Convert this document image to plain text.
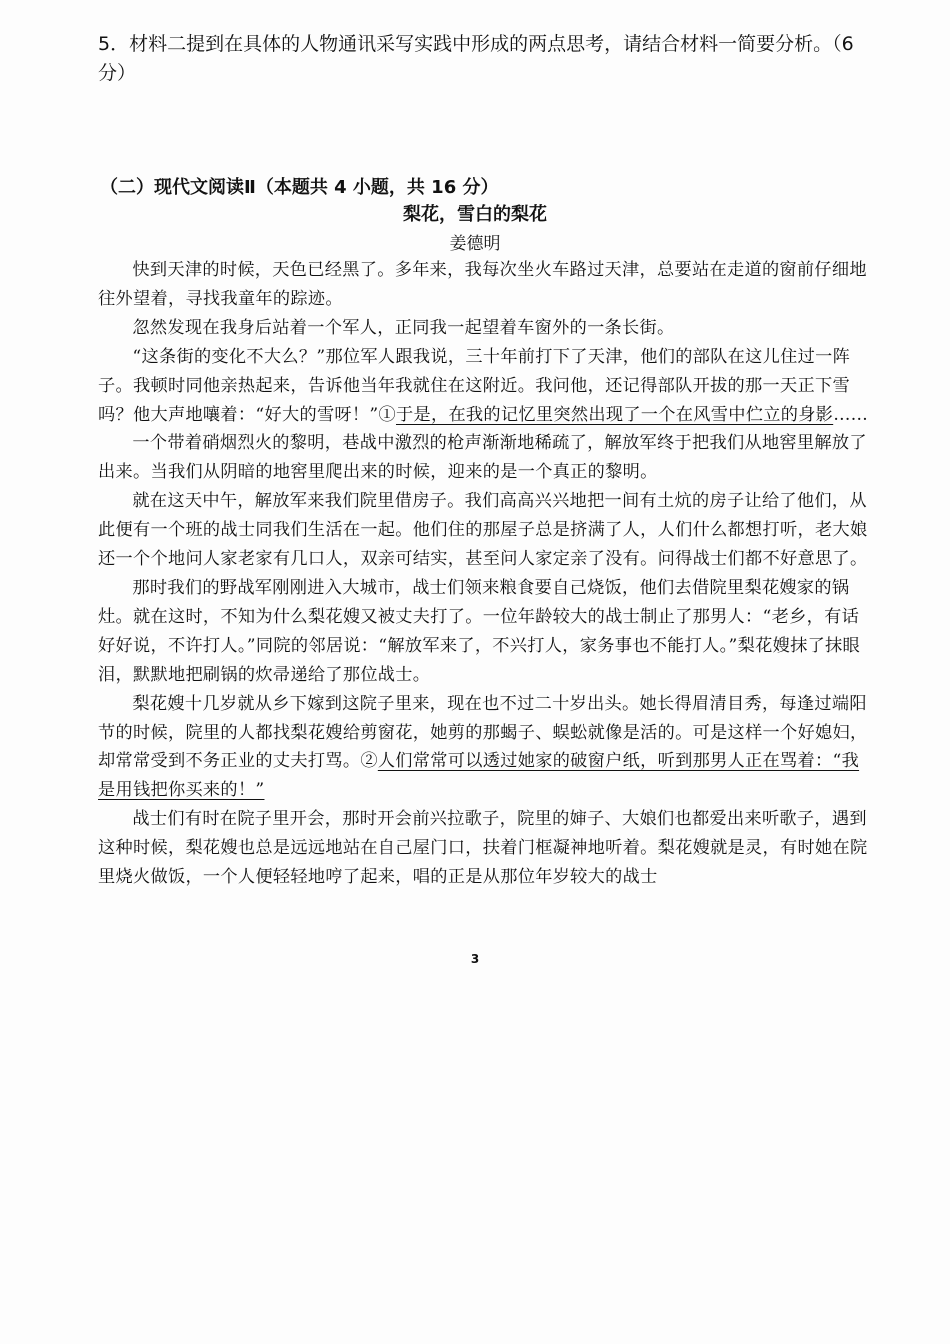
5．材料二提到在具体的人物通讯采写实践中形成的两点思考，请结合材料一简要分析。（6分）
（二）现代文阅读Ⅱ（本题共 4 小题，共 16 分）
梨花，雪白的梨花
姜德明

快到天津的时候，天色已经黑了。多年来，我每次坐火车路过天津，总要站在走道的窗前仔细地往外望着，寻找我童年的踪迹。

忽然发现在我身后站着一个军人，正同我一起望着车窗外的一条长街。

“这条街的变化不大么？”那位军人跟我说，三十年前打下了天津，他们的部队在这儿住过一阵子。我顿时同他亲热起来，告诉他当年我就住在这附近。我问他，还记得部队开拔的那一天正下雪吗？他大声地嚷着：“好大的雪呀！”①于是，在我的记忆里突然出现了一个在风雪中伫立的身影……

一个带着硝烟烈火的黎明，巷战中激烈的枪声渐渐地稀疏了，解放军终于把我们从地窖里解放了出来。当我们从阴暗的地窖里爬出来的时候，迎来的是一个真正的黎明。

就在这天中午，解放军来我们院里借房子。我们高高兴兴地把一间有土炕的房子让给了他们，从此便有一个班的战士同我们生活在一起。他们住的那屋子总是挤满了人，人们什么都想打听，老大娘还一个个地问人家老家有几口人，双亲可结实，甚至问人家定亲了没有。问得战士们都不好意思了。

那时我们的野战军刚刚进入大城市，战士们领来粮食要自己烧饭，他们去借院里梨花嫂家的锅灶。就在这时，不知为什么梨花嫂又被丈夫打了。一位年龄较大的战士制止了那男人：“老乡，有话好好说，不许打人。”同院的邻居说：“解放军来了，不兴打人，家务事也不能打人。”梨花嫂抹了抹眼泪，默默地把刷锅的炊帚递给了那位战士。

梨花嫂十几岁就从乡下嫁到这院子里来，现在也不过二十岁出头。她长得眉清目秀，每逢过端阳节的时候，院里的人都找梨花嫂给剪窗花，她剪的那蝎子、蜈蚣就像是活的。可是这样一个好媳妇，却常常受到不务正业的丈夫打骂。②人们常常可以透过她家的破窗户纸，听到那男人正在骂着：“我是用钱把你买来的！”

战士们有时在院子里开会，那时开会前兴拉歌子，院里的婶子、大娘们也都爱出来听歌子，遇到这种时候，梨花嫂也总是远远地站在自己屋门口，扶着门框凝神地听着。梨花嫂就是灵，有时她在院里烧火做饭，一个人便轻轻地哼了起来，唱的正是从那位年岁较大的战士

3
